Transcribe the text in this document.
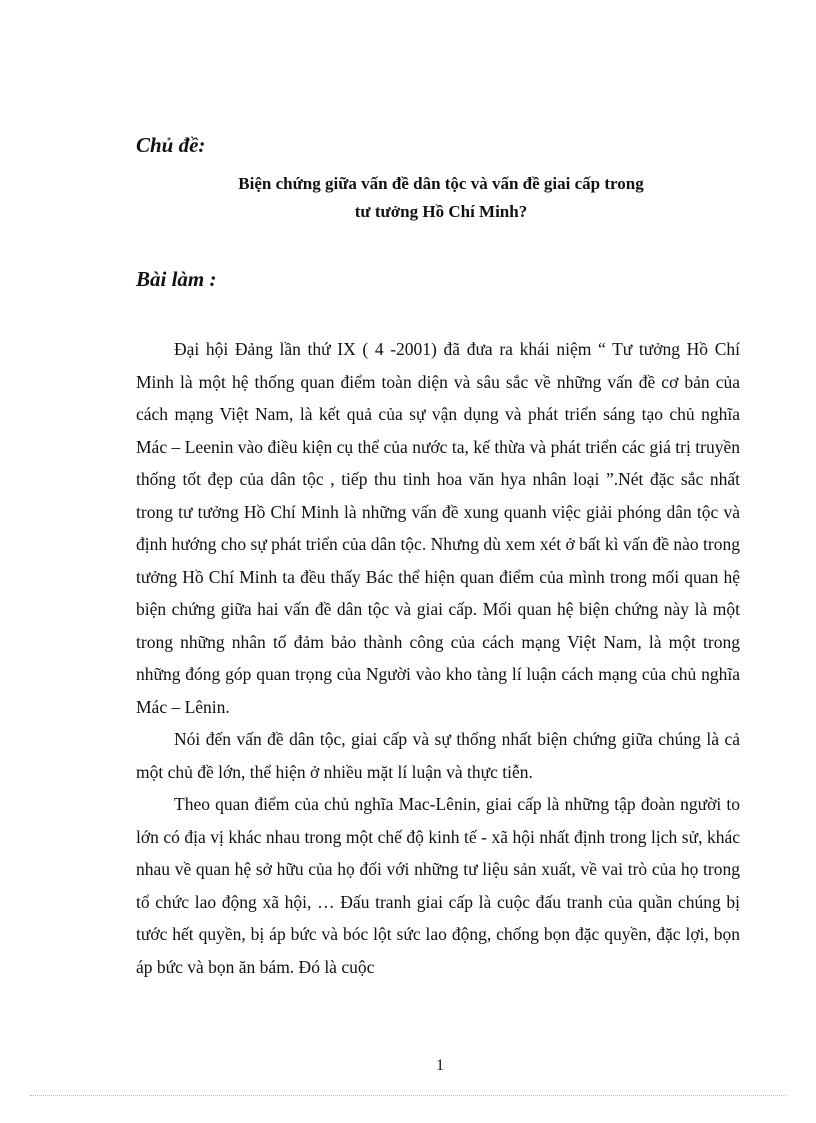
Chủ đề:
Biện chứng giữa vấn đề dân tộc và vấn đề giai cấp trong
tư tưởng Hồ Chí Minh?
Bài làm :

Đại hội Đảng lần thứ IX ( 4 -2001) đã đưa ra khái niệm “ Tư tưởng Hồ Chí Minh là một hệ thống quan điểm toàn diện và sâu sắc về những vấn đề cơ bản của cách mạng Việt Nam, là kết quả của sự vận dụng và phát triển sáng tạo chủ nghĩa Mác – Leenin vào điều kiện cụ thể của nước ta, kế thừa và phát triển các giá trị truyền thống tốt đẹp của dân tộc , tiếp thu tinh hoa văn hya nhân loại ”.Nét đặc sắc nhất trong tư tưởng Hồ Chí Minh là những vấn đề xung quanh việc giải phóng dân tộc và định hướng cho sự phát triển của dân tộc. Nhưng dù xem xét ở bất kì vấn đề nào trong tưởng Hồ Chí Minh ta đều thấy Bác thể hiện quan điểm của mình trong mối quan hệ biện chứng giữa hai vấn đề dân tộc và giai cấp. Mối quan hệ biện chứng này là một trong những nhân tố đảm bảo thành công của cách mạng Việt Nam, là một trong những đóng góp quan trọng của Người vào kho tàng lí luận cách mạng của chủ nghĩa Mác – Lênin.

Nói đến vấn đề dân tộc, giai cấp và sự thống nhất biện chứng giữa chúng là cả một chủ đề lớn, thể hiện ở nhiều mặt lí luận và thực tiễn.

Theo quan điểm của chủ nghĩa Mac-Lênin, giai cấp là những tập đoàn người to lớn có địa vị khác nhau trong một chế độ kinh tế - xã hội nhất định trong lịch sử, khác nhau về quan hệ sở hữu của họ đối với những tư liệu sản xuất, về vai trò của họ trong tổ chức lao động xã hội, … Đấu tranh giai cấp là cuộc đấu tranh của quần chúng bị tước hết quyền, bị áp bức và bóc lột sức lao động, chống bọn đặc quyền, đặc lợi, bọn áp bức và bọn ăn bám. Đó là cuộc

1
